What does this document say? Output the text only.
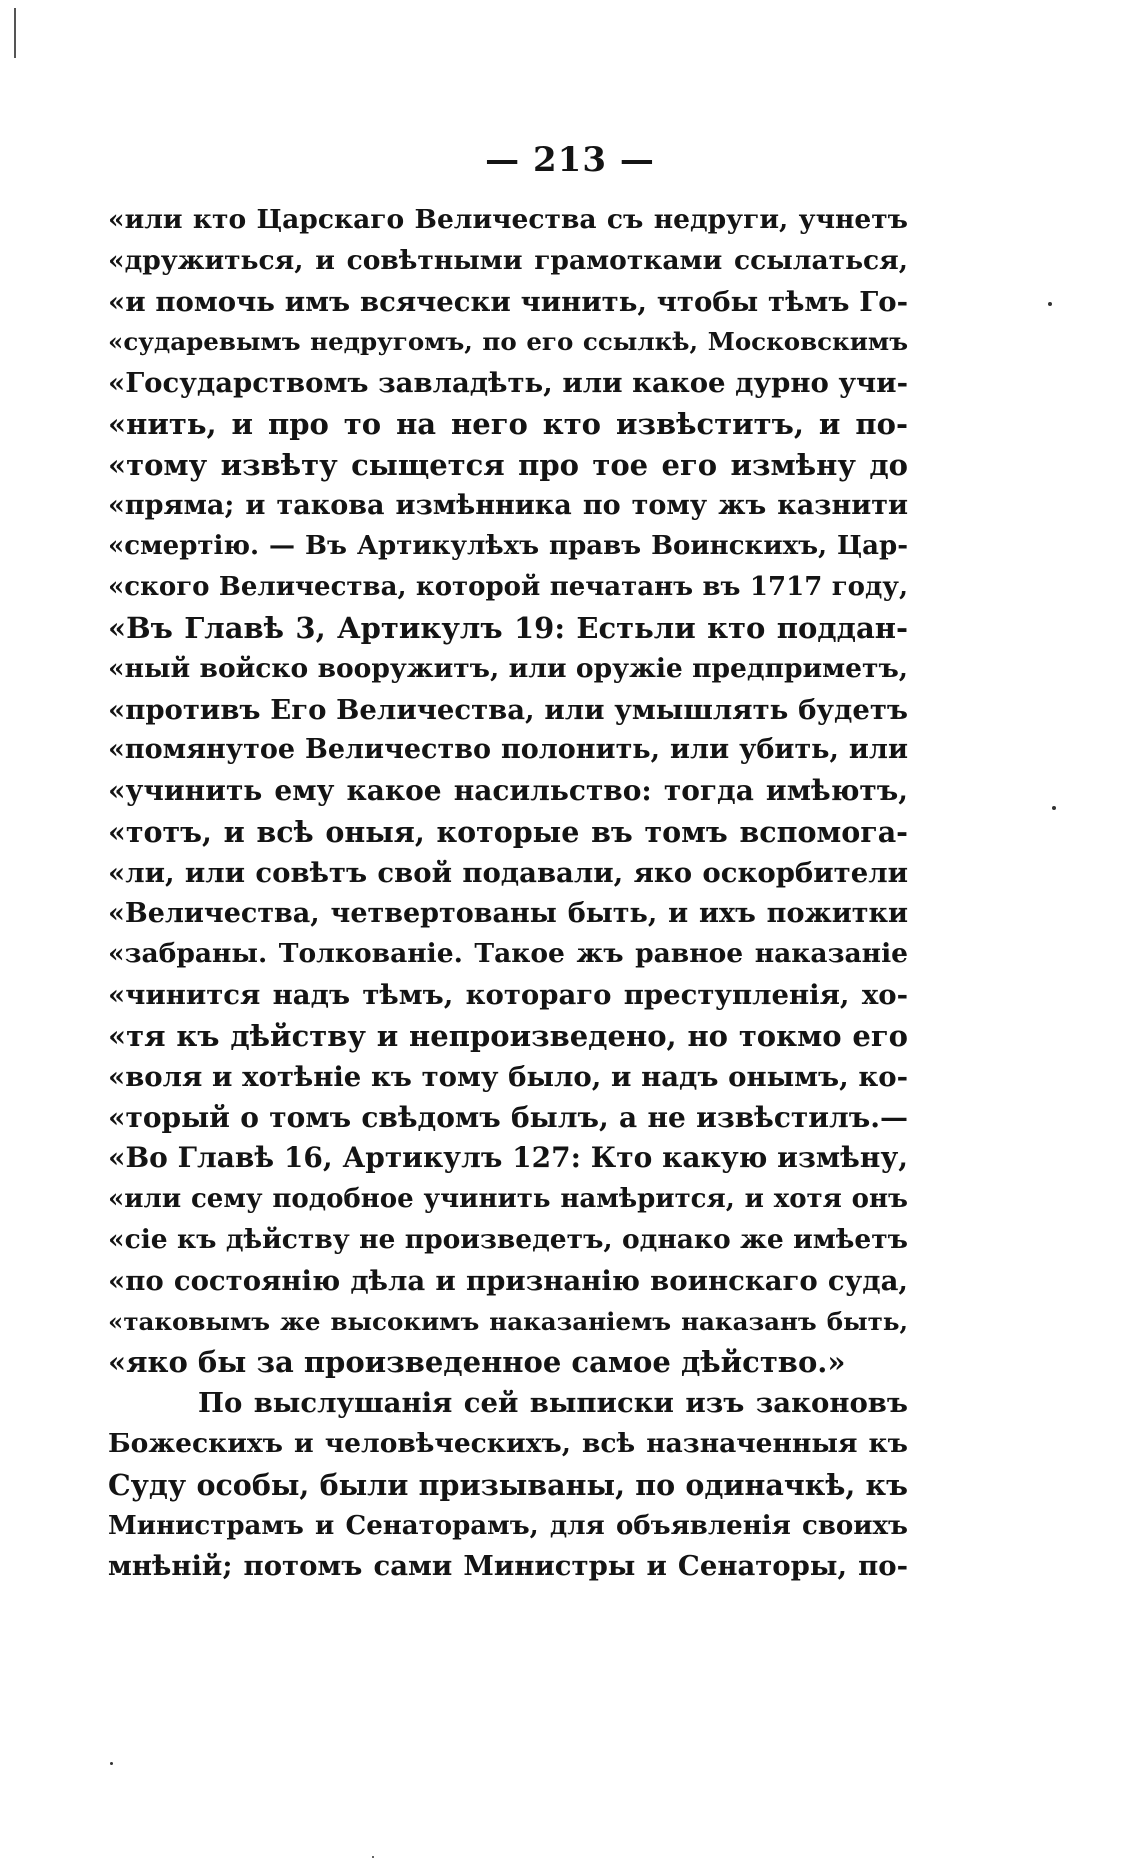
— 213 —
«или кто Царскаго Величества съ недруги, учнетъ
«дружиться, и совѣтными грамотками ссылаться,
«и помочь имъ всячески чинить, чтобы тѣмъ Го-
«сударевымъ недругомъ, по его ссылкѣ, Московскимъ
«Государствомъ завладѣть, или какое дурно учи-
«нить, и про то на него кто извѣститъ, и по-
«тому извѣту сыщется про тое его измѣну до
«пряма; и такова измѣнника по тому жъ казнити
«смертію. — Въ Артикулѣхъ правъ Воинскихъ, Цар-
«ского Величества, которой печатанъ въ 1717 году,
«Въ Главѣ 3, Артикулъ 19: Естьли кто поддан-
«ный войско вооружитъ, или оружіе предприметъ,
«противъ Его Величества, или умышлять будетъ
«помянутое Величество полонить, или убить, или
«учинить ему какое насильство: тогда имѣютъ,
«тотъ, и всѣ оныя, которые въ томъ вспомога-
«ли, или совѣтъ свой подавали, яко оскорбители
«Величества, четвертованы быть, и ихъ пожитки
«забраны. Толкованіе. Такое жъ равное наказаніе
«чинится надъ тѣмъ, котораго преступленія, хо-
«тя къ дѣйству и непроизведено, но токмо его
«воля и хотѣніе къ тому было, и надъ онымъ, ко-
«торый о томъ свѣдомъ былъ, а не извѣстилъ.—
«Во Главѣ 16, Артикулъ 127: Кто какую измѣну,
«или сему подобное учинить намѣрится, и хотя онъ
«сіе къ дѣйству не произведетъ, однако же имѣетъ
«по состоянію дѣла и признанію воинскаго суда,
«таковымъ же высокимъ наказаніемъ наказанъ быть,
«яко бы за произведенное самое дѣйство.»
По выслушанія сей выписки изъ законовъ
Божескихъ и человѣческихъ, всѣ назначенныя къ
Суду особы, были призываны, по одиначкѣ, къ
Министрамъ и Сенаторамъ, для объявленія своихъ
мнѣній; потомъ сами Министры и Сенаторы, по-
